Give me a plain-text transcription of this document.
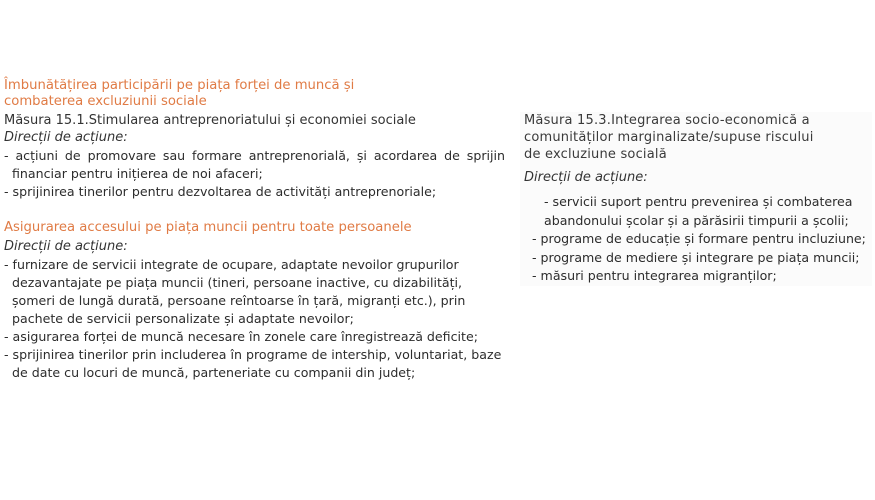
Îmbunătățirea participării pe piața forței de muncă și
combaterea excluziunii sociale
Măsura 15.1.Stimularea antreprenoriatului și economiei sociale
Direcții de acțiune:
- acțiuni de promovare sau formare antreprenorială, și acordarea de sprijin financiar pentru inițierea de noi afaceri;
- sprijinirea tinerilor pentru dezvoltarea de activități antreprenoriale;
Asigurarea accesului pe piața muncii pentru toate persoanele
Direcții de acțiune:
- furnizare de servicii integrate de ocupare, adaptate nevoilor grupurilor dezavantajate pe piața muncii (tineri, persoane inactive, cu dizabilități, șomeri de lungă durată, persoane reîntoarse în țară, migranți etc.), prin pachete de servicii personalizate și adaptate nevoilor;
- asigurarea forței de muncă necesare în zonele care înregistrează deficite;
- sprijinirea tinerilor prin includerea în programe de intership, voluntariat, baze de date cu locuri de muncă, parteneriate cu companii din județ;
Măsura 15.3.Integrarea socio-economică a
comunităților marginalizate/supuse riscului
de excluziune socială
Direcții de acțiune:
- servicii suport pentru prevenirea și combaterea abandonului școlar și a părăsirii timpurii a școlii;
- programe de educație și formare pentru incluziune;
- programe de mediere și integrare pe piața muncii;
- măsuri pentru integrarea migranților;
